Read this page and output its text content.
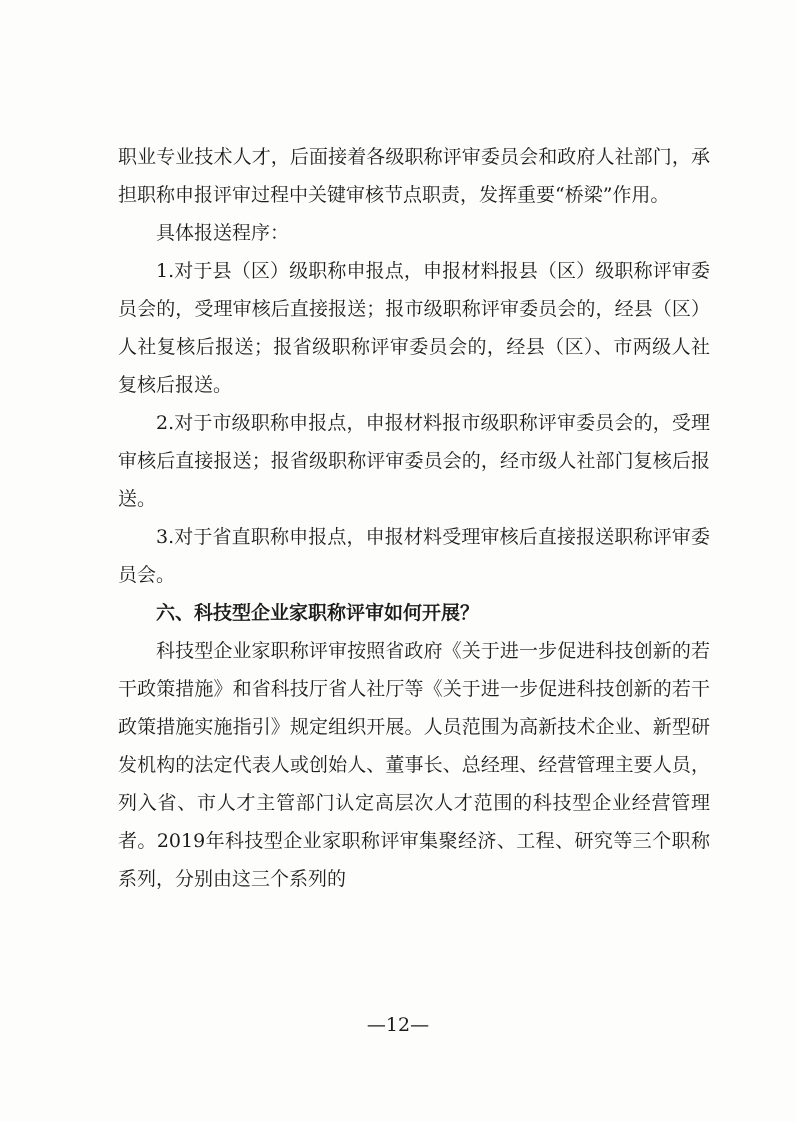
职业专业技术人才，后面接着各级职称评审委员会和政府人社部门，承担职称申报评审过程中关键审核节点职责，发挥重要“桥梁”作用。

具体报送程序：

1.对于县（区）级职称申报点，申报材料报县（区）级职称评审委员会的，受理审核后直接报送；报市级职称评审委员会的，经县（区）人社复核后报送；报省级职称评审委员会的，经县（区）、市两级人社复核后报送。

2.对于市级职称申报点，申报材料报市级职称评审委员会的，受理审核后直接报送；报省级职称评审委员会的，经市级人社部门复核后报送。

3.对于省直职称申报点，申报材料受理审核后直接报送职称评审委员会。

六、科技型企业家职称评审如何开展？

科技型企业家职称评审按照省政府《关于进一步促进科技创新的若干政策措施》和省科技厅省人社厅等《关于进一步促进科技创新的若干政策措施实施指引》规定组织开展。人员范围为高新技术企业、新型研发机构的法定代表人或创始人、董事长、总经理、经营管理主要人员，列入省、市人才主管部门认定高层次人才范围的科技型企业经营管理者。2019年科技型企业家职称评审集聚经济、工程、研究等三个职称系列，分别由这三个系列的

—12—
